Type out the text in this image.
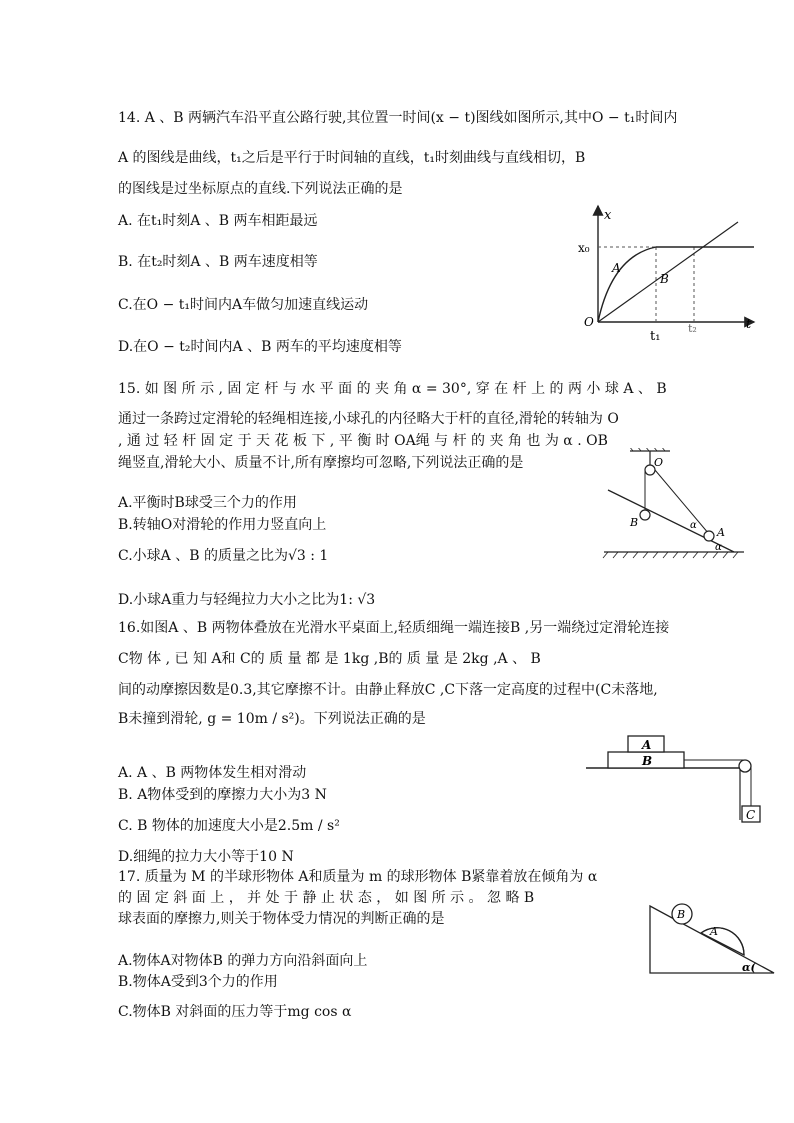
14. A 、B 两辆汽车沿平直公路行驶,其位置一时间(x − t)图线如图所示,其中O − t₁时间内
A 的图线是曲线，t₁之后是平行于时间轴的直线，t₁时刻曲线与直线相切，B
的图线是过坐标原点的直线.下列说法正确的是
A. 在t₁时刻A 、B 两车相距最远
B. 在t₂时刻A 、B 两车速度相等
C.在O − t₁时间内A车做匀加速直线运动
D.在O − t₂时间内A 、B 两车的平均速度相等
x
t
x₀
O
t₁
t₂
A
B
15. 如 图 所 示 , 固 定 杆 与 水 平 面 的 夹 角 α = 30°, 穿 在 杆 上 的 两 小 球 A 、 B
通过一条跨过定滑轮的轻绳相连接,小球孔的内径略大于杆的直径,滑轮的转轴为 O
, 通 过 轻 杆 固 定 于 天 花 板 下 , 平 衡 时 OA绳 与 杆 的 夹 角 也 为 α . OB
绳竖直,滑轮大小、质量不计,所有摩擦均可忽略,下列说法正确的是
A.平衡时B球受三个力的作用
B.转轴O对滑轮的作用力竖直向上
C.小球A 、B 的质量之比为√3 : 1
D.小球A重力与轻绳拉力大小之比为1: √3
O
B
A
α
α
16.如图A 、B 两物体叠放在光滑水平桌面上,轻质细绳一端连接B ,另一端绕过定滑轮连接
C物 体 , 已 知 A和 C的 质 量 都 是 1kg ,B的 质 量 是 2kg ,A 、 B
间的动摩擦因数是0.3,其它摩擦不计。由静止释放C ,C下落一定高度的过程中(C未落地,
B未撞到滑轮, g = 10m / s²)。下列说法正确的是
A. A 、B 两物体发生相对滑动
B. A物体受到的摩擦力大小为3 N
C. B 物体的加速度大小是2.5m / s²
D.细绳的拉力大小等于10 N
A
B
C
17. 质量为 M 的半球形物体 A和质量为 m 的球形物体 B紧靠着放在倾角为 α
的 固 定 斜 面 上 ， 并 处 于 静 止 状 态 ， 如 图 所 示 。 忽 略 B
球表面的摩擦力,则关于物体受力情况的判断正确的是
A.物体A对物体B 的弹力方向沿斜面向上
B.物体A受到3个力的作用
C.物体B 对斜面的压力等于mg cos α
B
A
α(
